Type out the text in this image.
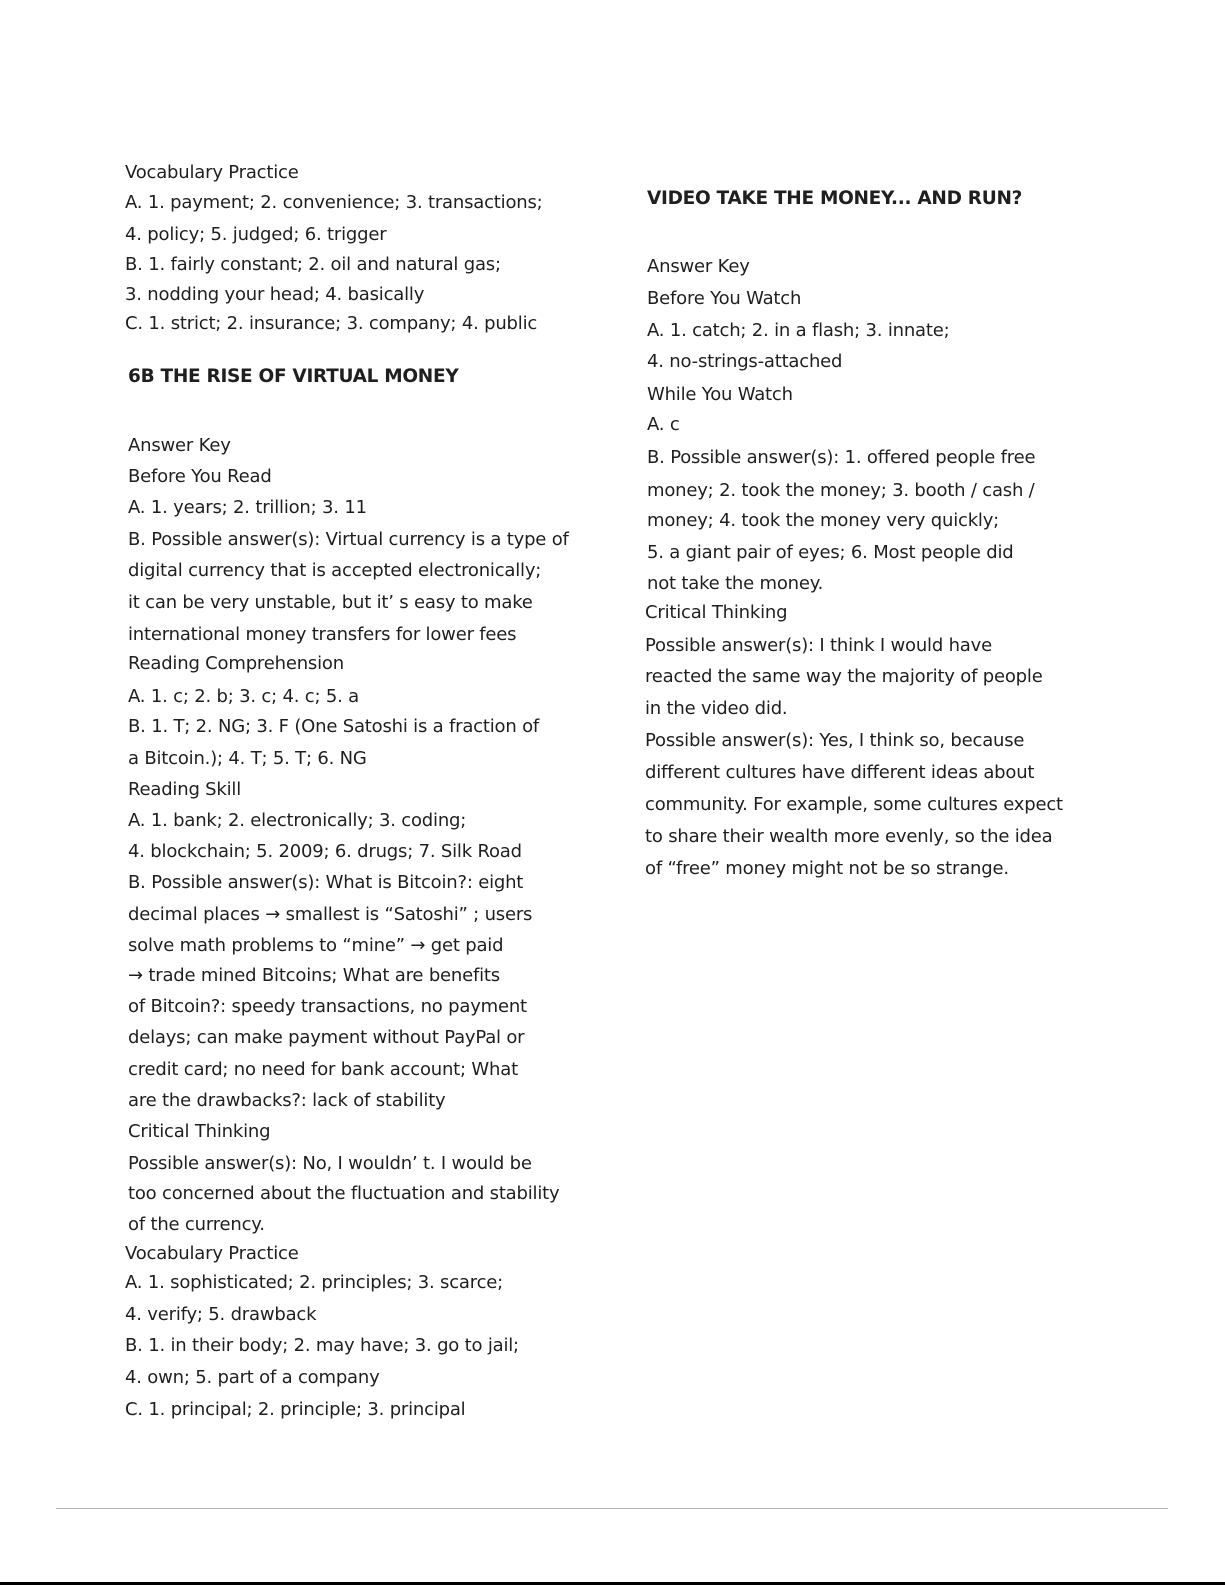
Vocabulary Practice
A. 1. payment; 2. convenience; 3. transactions;
4. policy; 5. judged; 6. trigger
B. 1. fairly constant; 2. oil and natural gas;
3. nodding your head; 4. basically
C. 1. strict; 2. insurance; 3. company; 4. public
6B THE RISE OF VIRTUAL MONEY
Answer Key
Before You Read
A. 1. years; 2. trillion; 3. 11
B. Possible answer(s): Virtual currency is a type of
digital currency that is accepted electronically;
it can be very unstable, but it’ s easy to make
international money transfers for lower fees
Reading Comprehension
A. 1. c; 2. b; 3. c; 4. c; 5. a
B. 1. T; 2. NG; 3. F (One Satoshi is a fraction of
a Bitcoin.); 4. T; 5. T; 6. NG
Reading Skill
A. 1. bank; 2. electronically; 3. coding;
4. blockchain; 5. 2009; 6. drugs; 7. Silk Road
B. Possible answer(s): What is Bitcoin?: eight
decimal places → smallest is “Satoshi” ; users
solve math problems to “mine” → get paid
→ trade mined Bitcoins; What are benefits
of Bitcoin?: speedy transactions, no payment
delays; can make payment without PayPal or
credit card; no need for bank account; What
are the drawbacks?: lack of stability
Critical Thinking
Possible answer(s): No, I wouldn’ t. I would be
too concerned about the fluctuation and stability
of the currency.
Vocabulary Practice
A. 1. sophisticated; 2. principles; 3. scarce;
4. verify; 5. drawback
B. 1. in their body; 2. may have; 3. go to jail;
4. own; 5. part of a company
C. 1. principal; 2. principle; 3. principal
VIDEO TAKE THE MONEY... AND RUN?
Answer Key
Before You Watch
A. 1. catch; 2. in a flash; 3. innate;
4. no-strings-attached
While You Watch
A. c
B. Possible answer(s): 1. offered people free
money; 2. took the money; 3. booth / cash /
money; 4. took the money very quickly;
5. a giant pair of eyes; 6. Most people did
not take the money.
Critical Thinking
Possible answer(s): I think I would have
reacted the same way the majority of people
in the video did.
Possible answer(s): Yes, I think so, because
different cultures have different ideas about
community. For example, some cultures expect
to share their wealth more evenly, so the idea
of “free” money might not be so strange.
